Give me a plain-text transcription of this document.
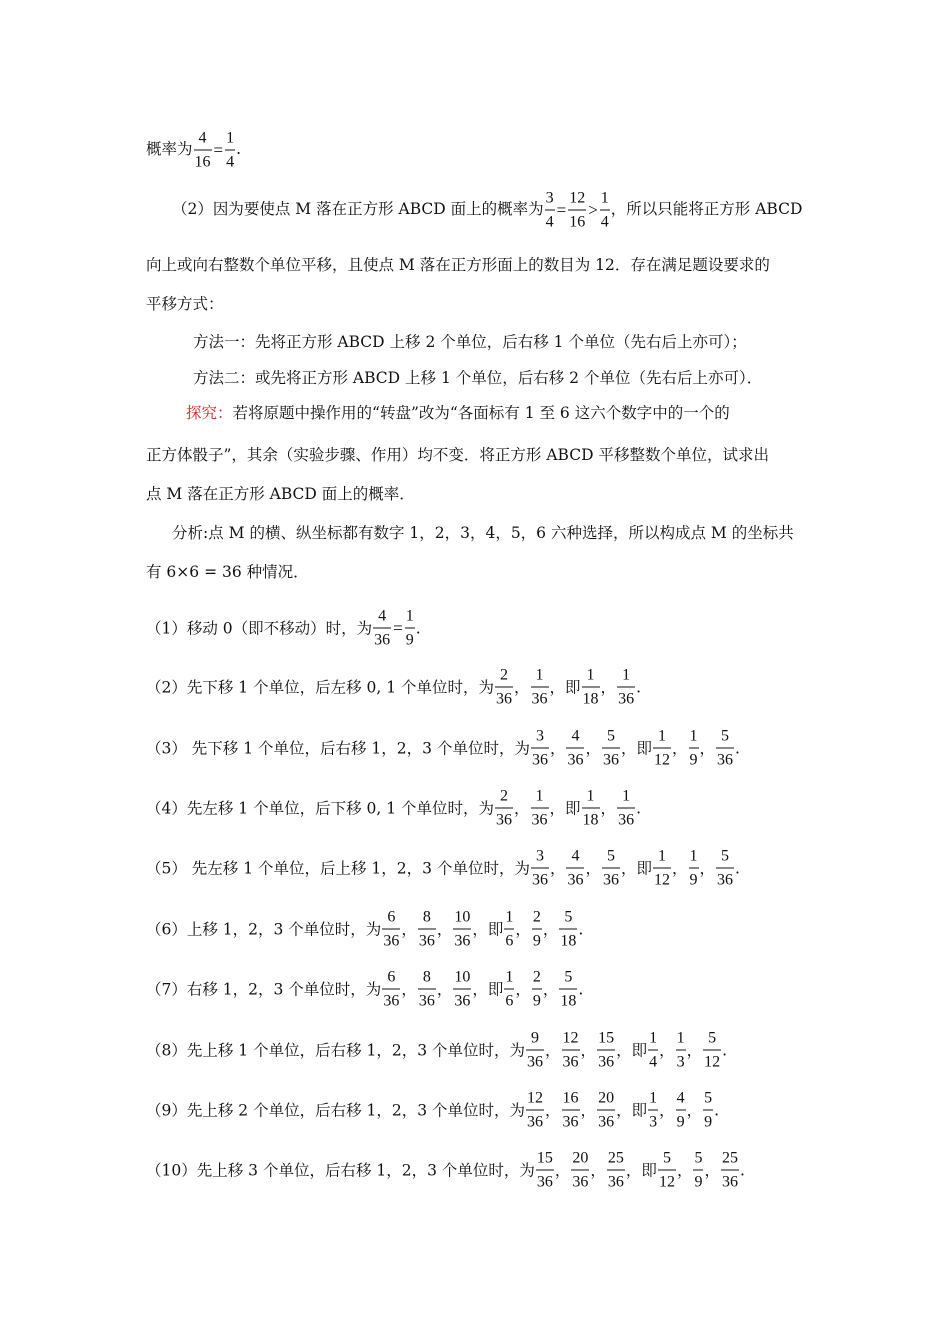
概率为 $\frac{4}{16} = \frac{1}{4}$ .
（2）因为要使点 M 落在正方形 ABCD 面上的概率为 $\frac{3}{4} = \frac{12}{16} > \frac{1}{4}$ ，所以只能将正方形 ABCD
向上或向右整数个单位平移，且使点 M 落在正方形面上的数目为 12．存在满足题设要求的
平移方式：
方法一：先将正方形 ABCD 上移 2 个单位，后右移 1 个单位（先右后上亦可）；
方法二：或先将正方形 ABCD 上移 1 个单位，后右移 2 个单位（先右后上亦可）．
探究：若将原题中操作用的“转盘”改为“各面标有 1 至 6 这六个数字中的一个的
正方体骰子”，其余（实验步骤、作用）均不变．将正方形 ABCD 平移整数个单位，试求出
点 M 落在正方形 ABCD 面上的概率．
分析:点 M 的横、纵坐标都有数字 1，2，3，4，5，6 六种选择，所以构成点 M 的坐标共
有 6×6 = 36 种情况．
（1）移动 0（即不移动）时，为 $\frac{4}{36} = \frac{1}{9}$ .
（2）先下移 1 个单位，后左移 0, 1 个单位时，为 $\frac{2}{36}$ ， $\frac{1}{36}$ ，即 $\frac{1}{18}$ ， $\frac{1}{36}$ .
（3） 先下移 1 个单位，后右移 1，2，3 个单位时，为 $\frac{3}{36}$ ， $\frac{4}{36}$ ， $\frac{5}{36}$ ，即 $\frac{1}{12}$ ， $\frac{1}{9}$ ， $\frac{5}{36}$ .
（4）先左移 1 个单位，后下移 0, 1 个单位时，为 $\frac{2}{36}$ ， $\frac{1}{36}$ ，即 $\frac{1}{18}$ ， $\frac{1}{36}$ .
（5） 先左移 1 个单位，后上移 1，2，3 个单位时，为 $\frac{3}{36}$ ， $\frac{4}{36}$ ， $\frac{5}{36}$ ，即 $\frac{1}{12}$ ， $\frac{1}{9}$ ， $\frac{5}{36}$ .
（6）上移 1，2，3 个单位时，为 $\frac{6}{36}$ ， $\frac{8}{36}$ ， $\frac{10}{36}$ ，即 $\frac{1}{6}$ ， $\frac{2}{9}$ ， $\frac{5}{18}$ .
（7）右移 1，2，3 个单位时，为 $\frac{6}{36}$ ， $\frac{8}{36}$ ， $\frac{10}{36}$ ，即 $\frac{1}{6}$ ， $\frac{2}{9}$ ， $\frac{5}{18}$ .
（8）先上移 1 个单位，后右移 1，2，3 个单位时，为 $\frac{9}{36}$ ， $\frac{12}{36}$ ， $\frac{15}{36}$ ，即 $\frac{1}{4}$ ， $\frac{1}{3}$ ， $\frac{5}{12}$ .
（9）先上移 2 个单位，后右移 1，2，3 个单位时，为 $\frac{12}{36}$ ， $\frac{16}{36}$ ， $\frac{20}{36}$ ，即 $\frac{1}{3}$ ， $\frac{4}{9}$ ， $\frac{5}{9}$ .
（10）先上移 3 个单位，后右移 1，2，3 个单位时，为 $\frac{15}{36}$ ， $\frac{20}{36}$ ， $\frac{25}{36}$ ，即 $\frac{5}{12}$ ， $\frac{5}{9}$ ， $\frac{25}{36}$ .
